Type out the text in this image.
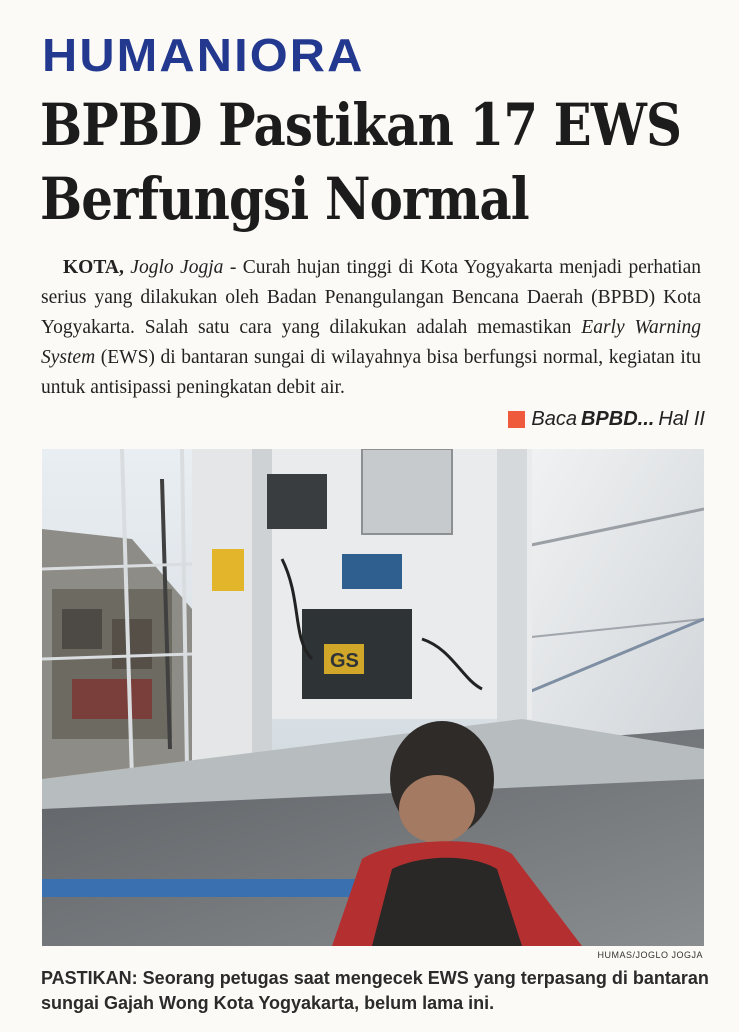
HUMANIORA
BPBD Pastikan 17 EWS
Berfungsi Normal
KOTA, Joglo Jogja - Curah hujan tinggi di Kota Yogyakarta menjadi perhatian serius yang dilakukan oleh Badan Penangulangan Bencana Daerah (BPBD) Kota Yogyakarta. Salah satu cara yang dilakukan adalah memastikan Early Warning System (EWS) di bantaran sungai di wilayahnya bisa berfungsi normal, kegiatan itu untuk antisipassi peningkatan debit air.
Baca BPBD... Hal II
GS
HUMAS/JOGLO JOGJA
PASTIKAN: Seorang petugas saat mengecek EWS yang terpasang di bantaran sungai Gajah Wong Kota Yogyakarta, belum lama ini.
